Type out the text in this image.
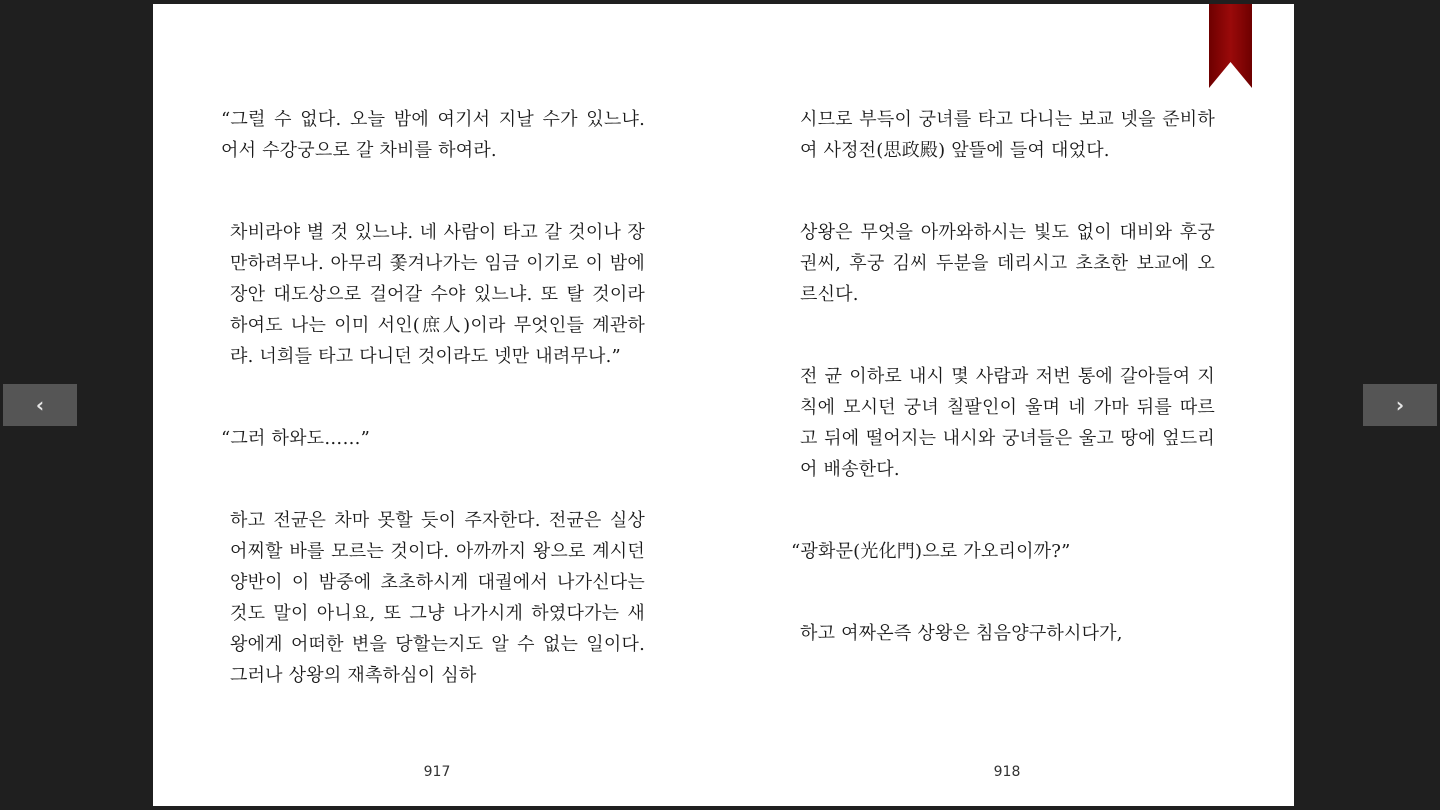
‹

“그럴 수 없다. 오늘 밤에 여기서 지날 수가 있느냐. 어서 수강궁으로 갈 차비를 하여라.

차비라야 별 것 있느냐. 네 사람이 타고 갈 것이나 장만하려무나. 아무리 쫓겨나가는 임금 이기로 이 밤에 장안 대도상으로 걸어갈 수야 있느냐. 또 탈 것이라 하여도 나는 이미 서인(庶人)이라 무엇인들 계관하랴. 너희들 타고 다니던 것이라도 넷만 내려무나.”

“그러 하와도……”

하고 전균은 차마 못할 듯이 주자한다. 전균은 실상 어찌할 바를 모르는 것이다. 아까까지 왕으로 계시던 양반이 이 밤중에 초초하시게 대궐에서 나가신다는 것도 말이 아니요, 또 그냥 나가시게 하였다가는 새 왕에게 어떠한 변을 당할는지도 알 수 없는 일이다. 그러나 상왕의 재촉하심이 심하

시므로 부득이 궁녀를 타고 다니는 보교 넷을 준비하여 사정전(思政殿) 앞뜰에 들여 대었다.

상왕은 무엇을 아까와하시는 빛도 없이 대비와 후궁 권씨, 후궁 김씨 두분을 데리시고 초초한 보교에 오르신다.

전 균 이하로 내시 몇 사람과 저번 통에 갈아들여 지칙에 모시던 궁녀 칠팔인이 울며 네 가마 뒤를 따르고 뒤에 떨어지는 내시와 궁녀들은 울고 땅에 엎드리어 배송한다.

“광화문(光化門)으로 가오리이까?”

하고 여짜온즉 상왕은 침음양구하시다가,

917	918
›
